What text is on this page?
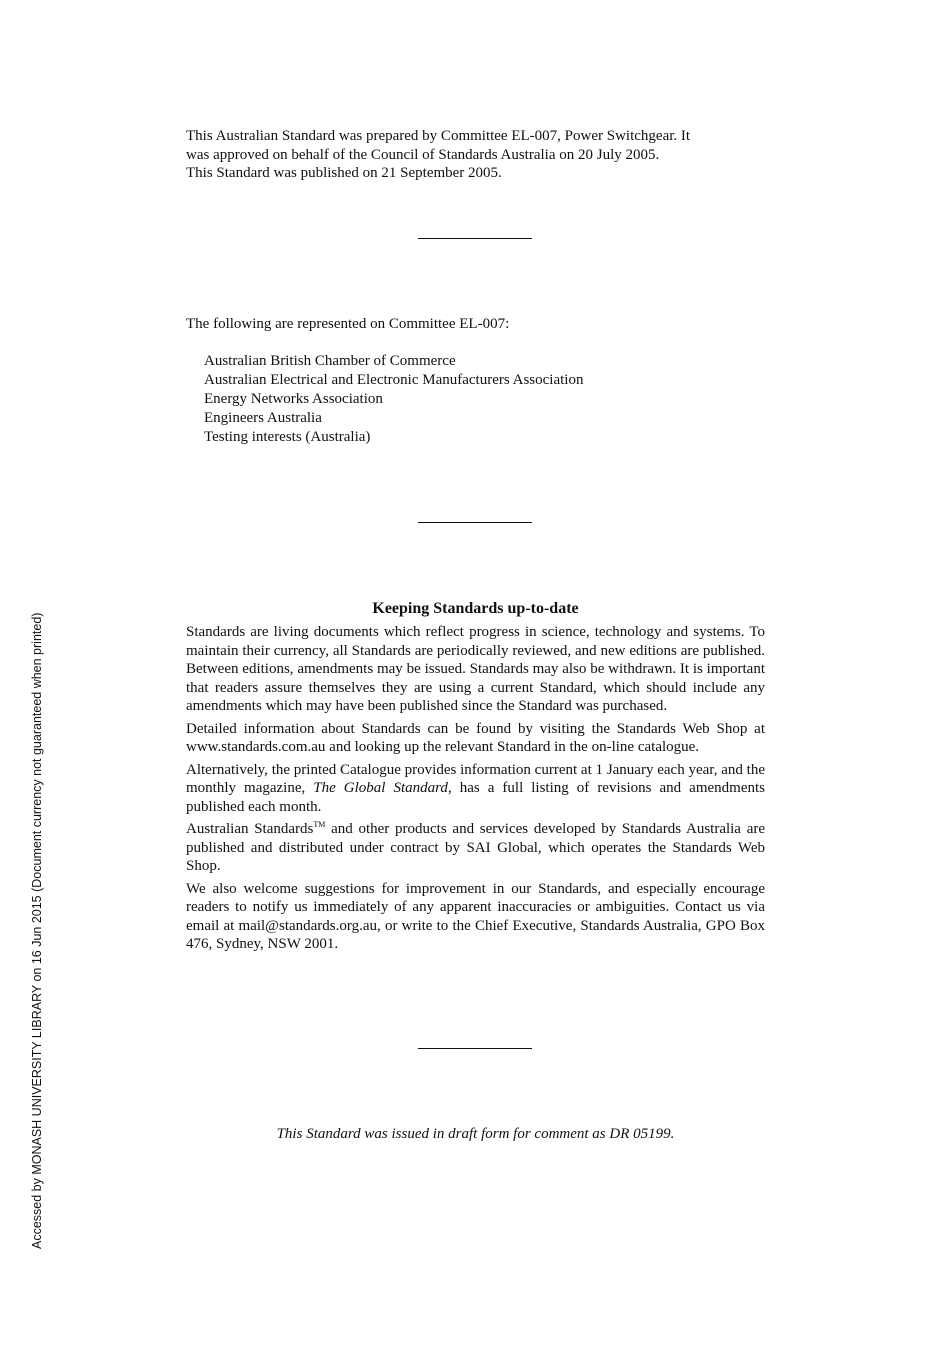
This Australian Standard was prepared by Committee EL-007, Power Switchgear. It

was approved on behalf of the Council of Standards Australia on 20 July 2005.

This Standard was published on 21 September 2005.

The following are represented on Committee EL-007:

Australian British Chamber of Commerce
Australian Electrical and Electronic Manufacturers Association
Energy Networks Association
Engineers Australia
Testing interests (Australia)
Keeping Standards up-to-date

Standards are living documents which reflect progress in science, technology and systems. To maintain their currency, all Standards are periodically reviewed, and new editions are published. Between editions, amendments may be issued. Standards may also be withdrawn. It is important that readers assure themselves they are using a current Standard, which should include any amendments which may have been published since the Standard was purchased.

Detailed information about Standards can be found by visiting the Standards Web Shop at www.standards.com.au and looking up the relevant Standard in the on-line catalogue.

Alternatively, the printed Catalogue provides information current at 1 January each year, and the monthly magazine, The Global Standard, has a full listing of revisions and amendments published each month.

Australian Standards™ and other products and services developed by Standards Australia are published and distributed under contract by SAI Global, which operates the Standards Web Shop.

We also welcome suggestions for improvement in our Standards, and especially encourage readers to notify us immediately of any apparent inaccuracies or ambiguities. Contact us via email at mail@standards.org.au, or write to the Chief Executive, Standards Australia, GPO Box 476, Sydney, NSW 2001.

This Standard was issued in draft form for comment as DR 05199.
Accessed by MONASH UNIVERSITY LIBRARY on 16 Jun 2015 (Document currency not guaranteed when printed)
